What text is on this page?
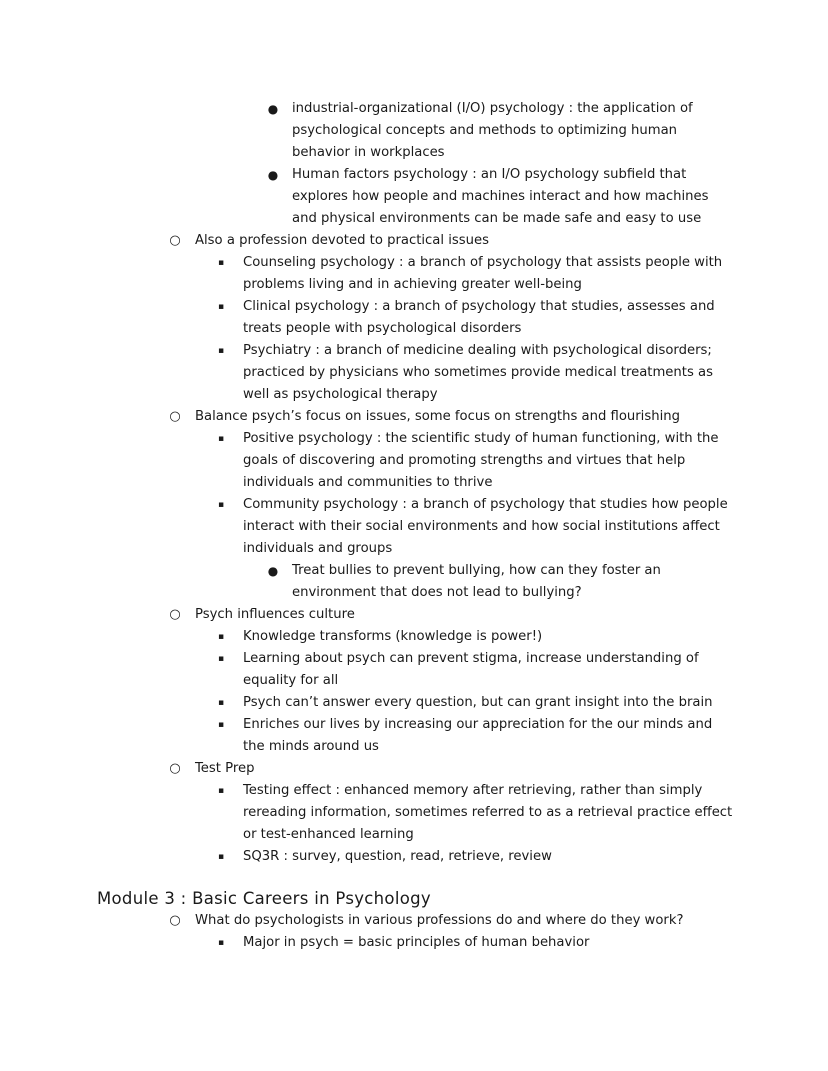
● industrial-organizational (I/O) psychology : the application of psychological concepts and methods to optimizing human behavior in workplaces
● Human factors psychology : an I/O psychology subfield that explores how people and machines interact and how machines and physical environments can be made safe and easy to use
○ Also a profession devoted to practical issues
▪ Counseling psychology : a branch of psychology that assists people with problems living and in achieving greater well-being
▪ Clinical psychology : a branch of psychology that studies, assesses and treats people with psychological disorders
▪ Psychiatry : a branch of medicine dealing with psychological disorders; practiced by physicians who sometimes provide medical treatments as well as psychological therapy
○ Balance psych’s focus on issues, some focus on strengths and flourishing
▪ Positive psychology : the scientific study of human functioning, with the goals of discovering and promoting strengths and virtues that help individuals and communities to thrive
▪ Community psychology : a branch of psychology that studies how people interact with their social environments and how social institutions affect individuals and groups
● Treat bullies to prevent bullying, how can they foster an environment that does not lead to bullying?
○ Psych influences culture
▪ Knowledge transforms (knowledge is power!)
▪ Learning about psych can prevent stigma, increase understanding of equality for all
▪ Psych can’t answer every question, but can grant insight into the brain
▪ Enriches our lives by increasing our appreciation for the our minds and the minds around us
○ Test Prep
▪ Testing effect : enhanced memory after retrieving, rather than simply rereading information, sometimes referred to as a retrieval practice effect or test-enhanced learning
▪ SQ3R : survey, question, read, retrieve, review
Module 3 : Basic Careers in Psychology
○ What do psychologists in various professions do and where do they work?
▪ Major in psych = basic principles of human behavior
